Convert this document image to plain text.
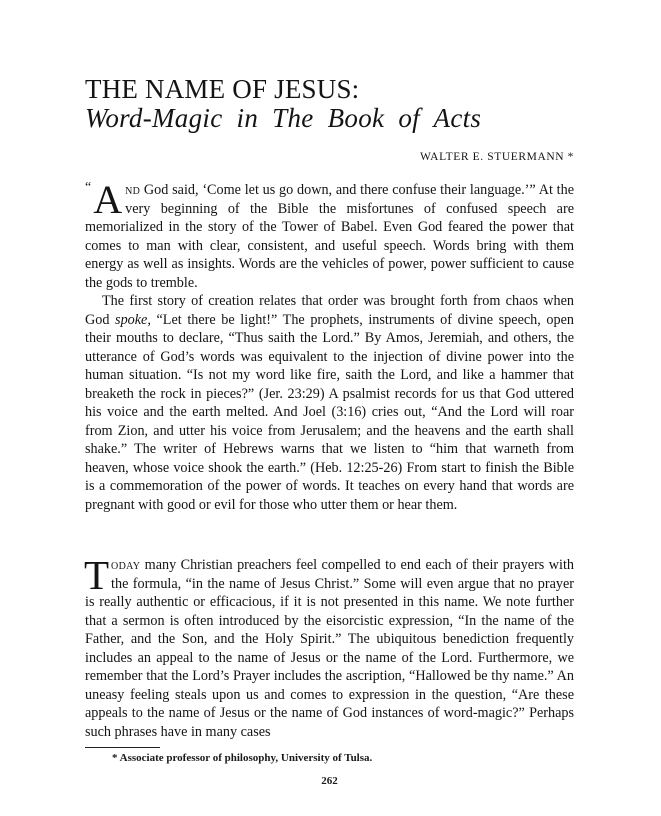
THE NAME OF JESUS:
Word-Magic in The Book of Acts
WALTER E. STUERMANN *

“ A nd God said, ‘Come let us go down, and there confuse their language.’” At the very beginning of the Bible the misfortunes of confused speech are memorialized in the story of the Tower of Babel. Even God feared the power that comes to man with clear, consistent, and useful speech. Words bring with them energy as well as insights. Words are the vehicles of power, power sufficient to cause the gods to tremble.

The first story of creation relates that order was brought forth from chaos when God spoke, “Let there be light!” The prophets, instruments of divine speech, open their mouths to declare, “Thus saith the Lord.” By Amos, Jeremiah, and others, the utterance of God’s words was equivalent to the injection of divine power into the human situation. “Is not my word like fire, saith the Lord, and like a hammer that breaketh the rock in pieces?” (Jer. 23:29) A psalmist records for us that God uttered his voice and the earth melted. And Joel (3:16) cries out, “And the Lord will roar from Zion, and utter his voice from Jerusalem; and the heavens and the earth shall shake.” The writer of Hebrews warns that we listen to “him that warneth from heaven, whose voice shook the earth.” (Heb. 12:25-26) From start to finish the Bible is a commemoration of the power of words. It teaches on every hand that words are pregnant with good or evil for those who utter them or hear them.

Today many Christian preachers feel compelled to end each of their prayers with the formula, “in the name of Jesus Christ.” Some will even argue that no prayer is really authentic or efficacious, if it is not presented in this name. We note further that a sermon is often introduced by the eisorcistic expression, “In the name of the Father, and the Son, and the Holy Spirit.” The ubiquitous benediction frequently includes an appeal to the name of Jesus or the name of the Lord. Furthermore, we remember that the Lord’s Prayer includes the ascription, “Hallowed be thy name.” An uneasy feeling steals upon us and comes to expression in the question, “Are these appeals to the name of Jesus or the name of God instances of word-magic?” Perhaps such phrases have in many cases

* Associate professor of philosophy, University of Tulsa.
262
